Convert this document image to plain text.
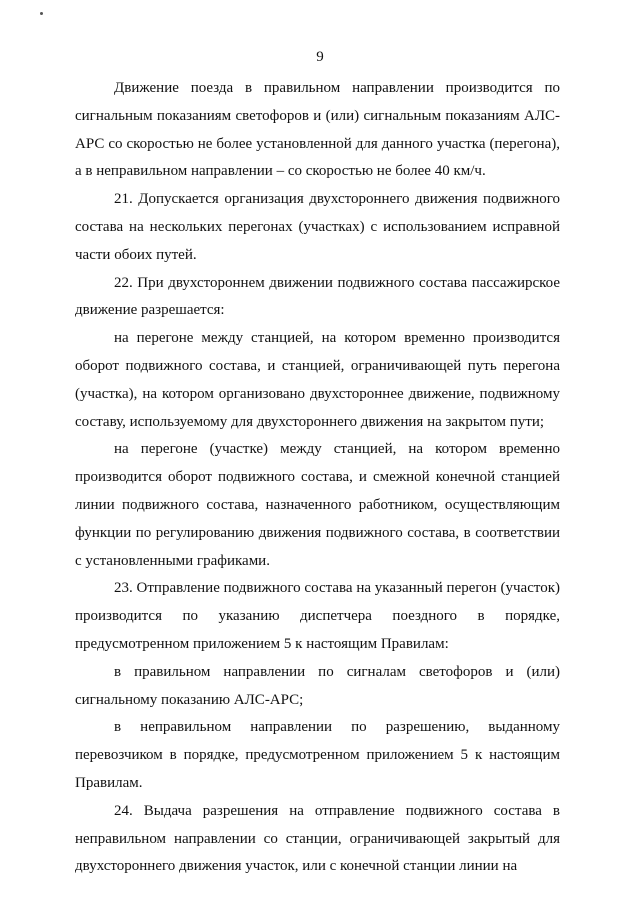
9

Движение поезда в правильном направлении производится по сигнальным показаниям светофоров и (или) сигнальным показаниям АЛС-АРС со скоростью не более установленной для данного участка (перегона), а в неправильном направлении – со скоростью не более 40 км/ч.

21. Допускается организация двухстороннего движения подвижного состава на нескольких перегонах (участках) с использованием исправной части обоих путей.

22. При двухстороннем движении подвижного состава пассажирское движение разрешается:

на перегоне между станцией, на котором временно производится оборот подвижного состава, и станцией, ограничивающей путь перегона (участка), на котором организовано двухстороннее движение, подвижному составу, используемому для двухстороннего движения на закрытом пути;

на перегоне (участке) между станцией, на котором временно производится оборот подвижного состава, и смежной конечной станцией линии подвижного состава, назначенного работником, осуществляющим функции по регулированию движения подвижного состава, в соответствии с установленными графиками.

23. Отправление подвижного состава на указанный перегон (участок) производится по указанию диспетчера поездного в порядке, предусмотренном приложением 5 к настоящим Правилам:

в правильном направлении по сигналам светофоров и (или) сигнальному показанию АЛС-АРС;

в неправильном направлении по разрешению, выданному перевозчиком в порядке, предусмотренном приложением 5 к настоящим Правилам.

24. Выдача разрешения на отправление подвижного состава в неправильном направлении со станции, ограничивающей закрытый для двухстороннего движения участок, или с конечной станции линии на
